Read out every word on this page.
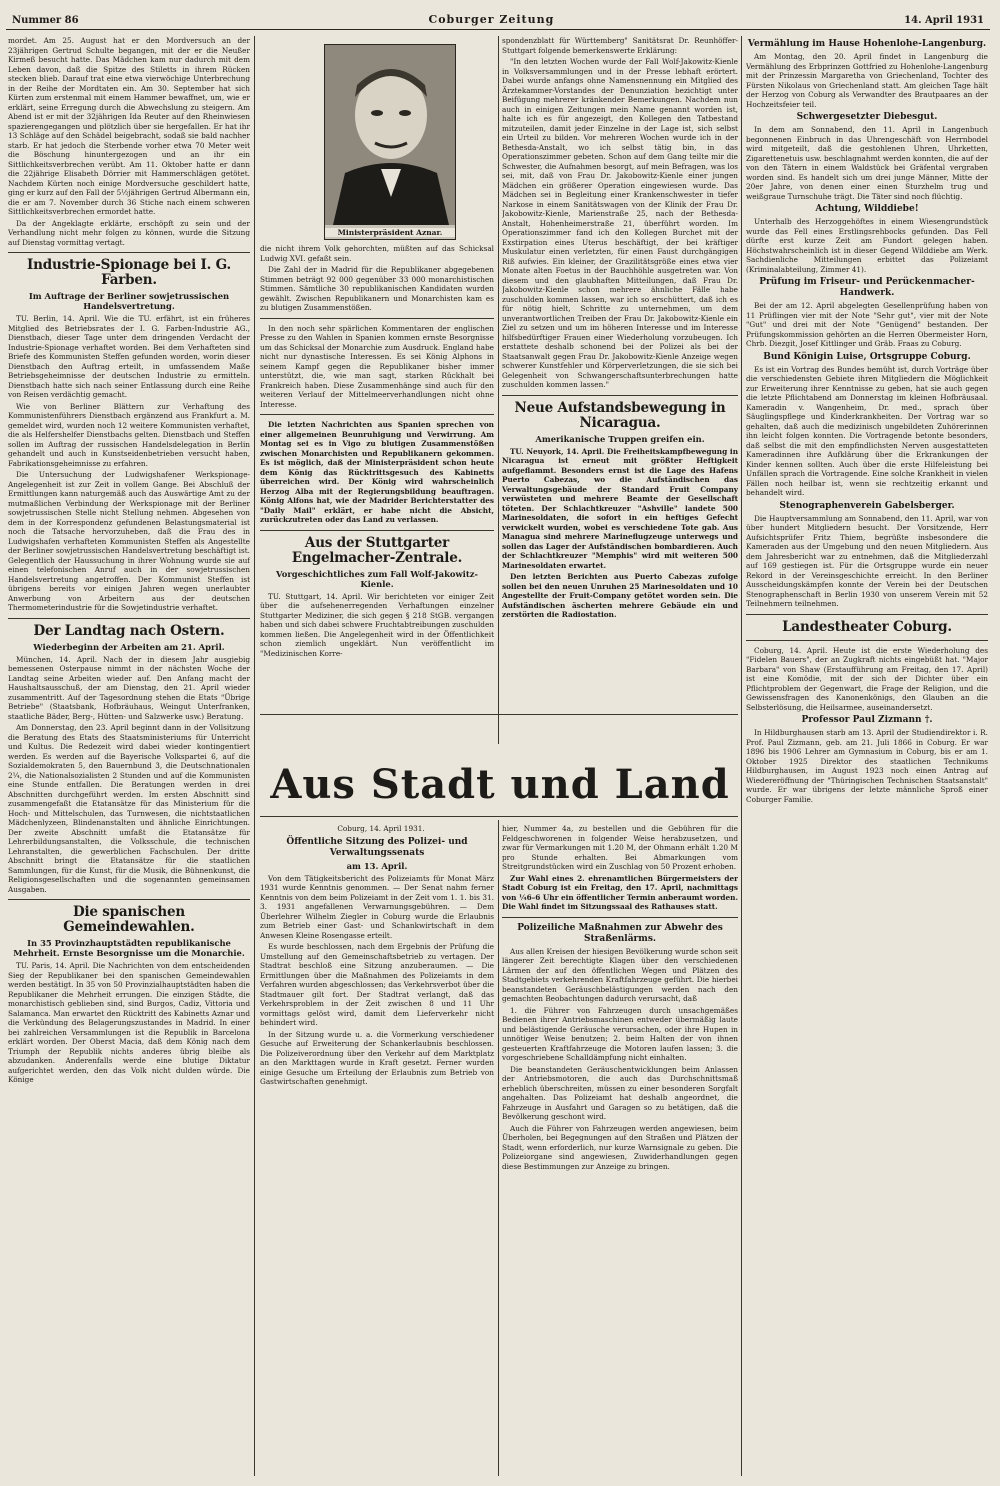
Nummer 86	Coburger Zeitung	14. April 1931

mordet. Am 25. August hat er den Mordversuch an der 23jährigen Gertrud Schulte begangen, mit der er die Neußer Kirmeß besucht hatte. Das Mädchen kam nur dadurch mit dem Leben davon, daß die Spitze des Stiletts in ihrem Rücken stecken blieb. Darauf trat eine etwa vierwöchige Unterbrechung in der Reihe der Mordtaten ein. Am 30. September hat sich Kürten zum erstenmal mit einem Hammer bewaffnet, um, wie er erklärt, seine Erregung durch die Abwechslung zu steigern. Am Abend ist er mit der 32jährigen Ida Reuter auf den Rheinwiesen spazierengegangen und plötzlich über sie hergefallen. Er hat ihr 13 Schläge auf den Schädel beigebracht, sodaß sie bald nachher starb. Er hat jedoch die Sterbende vorher etwa 70 Meter weit die Böschung hinuntergezogen und an ihr ein Sittlichkeitsverbrechen verübt. Am 11. Oktober hatte er dann die 22jährige Elisabeth Dörrier mit Hammerschlägen getötet. Nachdem Kürten noch einige Mordversuche geschildert hatte, ging er kurz auf den Fall der 5½jährigen Gertrud Albermann ein, die er am 7. November durch 36 Stiche nach einem schweren Sittlichkeitsverbrechen ermordet hatte.

Da der Angeklagte erklärte, erschöpft zu sein und der Verhandlung nicht mehr folgen zu können, wurde die Sitzung auf Dienstag vormittag vertagt.

Industrie-Spionage bei I. G. Farben.
Im Auftrage der Berliner sowjetrussischen Handelsvertretung.

TU. Berlin, 14. April. Wie die TU. erfährt, ist ein früheres Mitglied des Betriebsrates der I. G. Farben-Industrie AG., Dienstbach, dieser Tage unter dem dringenden Verdacht der Industrie-Spionage verhaftet worden. Bei dem Verhafteten sind Briefe des Kommunisten Steffen gefunden worden, worin dieser Dienstbach den Auftrag erteilt, in umfassendem Maße Betriebsgeheimnisse der deutschen Industrie zu ermitteln. Dienstbach hatte sich nach seiner Entlassung durch eine Reihe von Reisen verdächtig gemacht.

Wie von Berliner Blättern zur Verhaftung des Kommunistenführers Dienstbach ergänzend aus Frankfurt a. M. gemeldet wird, wurden noch 12 weitere Kommunisten verhaftet, die als Helfershelfer Dienstbachs gelten. Dienstbach und Steffen sollen im Auftrag der russischen Handelsdelegation in Berlin gehandelt und auch in Kunstseidenbetrieben versucht haben, Fabrikationsgeheimnisse zu erfahren.

Die Untersuchung der Ludwigshafener Werkspionage-Angelegenheit ist zur Zeit in vollem Gange. Bei Abschluß der Ermittlungen kann naturgemäß auch das Auswärtige Amt zu der mutmaßlichen Verbindung der Werkspionage mit der Berliner sowjetrussischen Stelle nicht Stellung nehmen. Abgesehen von dem in der Korrespondenz gefundenen Belastungsmaterial ist noch die Tatsache hervorzuheben, daß die Frau des in Ludwigshafen verhafteten Kommunisten Steffen als Angestellte der Berliner sowjetrussischen Handelsvertretung beschäftigt ist. Gelegentlich der Haussuchung in ihrer Wohnung wurde sie auf einen telefonischen Anruf auch in der sowjetrussischen Handelsvertretung angetroffen. Der Kommunist Steffen ist übrigens bereits vor einigen Jahren wegen unerlaubter Anwerbung von Arbeitern aus der deutschen Thermometerindustrie für die Sowjetindustrie verhaftet.

Der Landtag nach Ostern.
Wiederbeginn der Arbeiten am 21. April.

München, 14. April. Nach der in diesem Jahr ausgiebig bemessenen Osterpause nimmt in der nächsten Woche der Landtag seine Arbeiten wieder auf. Den Anfang macht der Haushaltsausschuß, der am Dienstag, den 21. April wieder zusammentritt. Auf der Tagesordnung stehen die Etats "Übrige Betriebe" (Staatsbank, Hofbräuhaus, Weingut Unterfranken, staatliche Bäder, Berg-, Hütten- und Salzwerke usw.) Beratung.

Am Donnerstag, den 23. April beginnt dann in der Vollsitzung die Beratung des Etats des Staatsministeriums für Unterricht und Kultus. Die Redezeit wird dabei wieder kontingentiert werden. Es werden auf die Bayerische Volkspartei 6, auf die Sozialdemokraten 5, den Bauernbund 3, die Deutschnationalen 2¼, die Nationalsozialisten 2 Stunden und auf die Kommunisten eine Stunde entfallen. Die Beratungen werden in drei Abschnitten durchgeführt werden. Im ersten Abschnitt sind zusammengefaßt die Etatansätze für das Ministerium für die Hoch- und Mittelschulen, das Turnwesen, die nichtstaatlichen Mädchenlyzeen, Blindenanstalten und ähnliche Einrichtungen. Der zweite Abschnitt umfaßt die Etatansätze für Lehrerbildungsanstalten, die Volksschule, die technischen Lehranstalten, die gewerblichen Fachschulen. Der dritte Abschnitt bringt die Etatansätze für die staatlichen Sammlungen, für die Kunst, für die Musik, die Bühnenkunst, die Religionsgesellschaften und die sogenannten gemeinsamen Ausgaben.

Die spanischen Gemeindewahlen.
In 35 Provinzhauptstädten republikanische Mehrheit. Ernste Besorgnisse um die Monarchie.

TU. Paris, 14. April. Die Nachrichten von dem entscheidenden Sieg der Republikaner bei den spanischen Gemeindewahlen werden bestätigt. In 35 von 50 Provinzialhauptstädten haben die Republikaner die Mehrheit errungen. Die einzigen Städte, die monarchistisch geblieben sind, sind Burgos, Cadiz, Vittoria und Salamanca. Man erwartet den Rücktritt des Kabinetts Aznar und die Verkündung des Belagerungszustandes in Madrid. In einer bei zahlreichen Versammlungen ist die Republik in Barcelona erklärt worden. Der Oberst Macia, daß dem König nach dem Triumph der Republik nichts anderes übrig bleibe als abzudanken. Anderenfalls werde eine blutige Diktatur aufgerichtet werden, den das Volk nicht dulden würde. Die Könige

Ministerpräsident Aznar.

die nicht ihrem Volk gehorchten, müßten auf das Schicksal Ludwig XVI. gefaßt sein.

Die Zahl der in Madrid für die Republikaner abgegebenen Stimmen beträgt 92 000 gegenüber 33 000 monarchistischen Stimmen. Sämtliche 30 republikanischen Kandidaten wurden gewählt. Zwischen Republikanern und Monarchisten kam es zu blutigen Zusammenstößen.

In den noch sehr spärlichen Kommentaren der englischen Presse zu den Wahlen in Spanien kommen ernste Besorgnisse um das Schicksal der Monarchie zum Ausdruck. England habe nicht nur dynastische Interessen. Es sei König Alphons in seinem Kampf gegen die Republikaner bisher immer unterstützt, die, wie man sagt, starken Rückhalt bei Frankreich haben. Diese Zusammenhänge sind auch für den weiteren Verlauf der Mittelmeerverhandlungen nicht ohne Interesse.

Die letzten Nachrichten aus Spanien sprechen von einer allgemeinen Beunruhigung und Verwirrung. Am Montag sei es in Vigo zu blutigen Zusammenstößen zwischen Monarchisten und Republikanern gekommen. Es ist möglich, daß der Ministerpräsident schon heute dem König das Rücktrittsgesuch des Kabinetts überreichen wird. Der König wird wahrscheinlich Herzog Alba mit der Regierungsbildung beauftragen. König Alfons hat, wie der Madrider Berichterstatter des "Daily Mail" erklärt, er habe nicht die Absicht, zurückzutreten oder das Land zu verlassen.

Aus der Stuttgarter Engelmacher-Zentrale.
Vorgeschichtliches zum Fall Wolf-Jakowitz-Kienle.

TU. Stuttgart, 14. April. Wir berichteten vor einiger Zeit über die aufsehenerregenden Verhaftungen einzelner Stuttgarter Mediziner, die sich gegen § 218 StGB. vergangen haben und sich dabei schwere Fruchtabtreibungen zuschulden kommen ließen. Die Angelegenheit wird in der Öffentlichkeit schon ziemlich ungeklärt. Nun veröffentlicht im "Medizinischen Korre-

spondenzblatt für Württemberg" Sanitätsrat Dr. Reunhöffer-Stuttgart folgende bemerkenswerte Erklärung:

"In den letzten Wochen wurde der Fall Wolf-Jakowitz-Kienle in Volksversammlungen und in der Presse lebhaft erörtert. Dabei wurde anfangs ohne Namensnennung ein Mitglied des Ärztekammer-Vorstandes der Denunziation bezichtigt unter Beifügung mehrerer kränkender Bemerkungen. Nachdem nun auch in einigen Zeitungen mein Name genannt worden ist, halte ich es für angezeigt, den Kollegen den Tatbestand mitzuteilen, damit jeder Einzelne in der Lage ist, sich selbst ein Urteil zu bilden. Vor mehreren Wochen wurde ich in der Bethesda-Anstalt, wo ich selbst tätig bin, in das Operationszimmer gebeten. Schon auf dem Gang teilte mir die Schwester, die Aufnahmen besorgt, auf mein Befragen, was los sei, mit, daß von Frau Dr. Jakobowitz-Kienle einer jungen Mädchen ein größerer Operation eingewiesen wurde. Das Mädchen sei in Begleitung einer Krankenschwester in tiefer Narkose in einem Sanitätswagen von der Klinik der Frau Dr. Jakobowitz-Kienle, Marienstraße 25, nach der Bethesda-Anstalt, Hohenheimerstraße 21, überführt worden. Im Operationszimmer fand ich den Kollegen Burchet mit der Exstirpation eines Uterus beschäftigt, der bei kräftiger Muskulatur einen verletzten, für einen Faust durchgängigen Riß aufwies. Ein kleiner, der Grazilitätsgröße eines etwa vier Monate alten Foetus in der Bauchhöhle ausgetreten war. Von diesem und den glaubhaften Mitteilungen, daß Frau Dr. Jakobowitz-Kienle schon mehrere ähnliche Fälle habe zuschulden kommen lassen, war ich so erschüttert, daß ich es für nötig hielt, Schritte zu unternehmen, um dem unverantwortlichen Treiben der Frau Dr. Jakobowitz-Kienle ein Ziel zu setzen und um im höheren Interesse und im Interesse hilfsbedürftiger Frauen einer Wiederholung vorzubeugen. Ich erstattete deshalb schonend bei der Polizei als bei der Staatsanwalt gegen Frau Dr. Jakobowitz-Kienle Anzeige wegen schwerer Kunstfehler und Körperverletzungen, die sie sich bei Gelegenheit von Schwangerschaftsunterbrechungen hatte zuschulden kommen lassen."

Neue Aufstandsbewegung in Nicaragua.
Amerikanische Truppen greifen ein.

TU. Neuyork, 14. April. Die Freiheitskampfbewegung in Nicaragua ist erneut mit größter Heftigkeit aufgeflammt. Besonders ernst ist die Lage des Hafens Puerto Cabezas, wo die Aufständischen das Verwaltungsgebäude der Standard Fruit Company verwüsteten und mehrere Beamte der Gesellschaft töteten. Der Schlachtkreuzer "Ashville" landete 500 Marinesoldaten, die sofort in ein heftiges Gefecht verwickelt wurden, wobei es verschiedene Tote gab. Aus Managua sind mehrere Marineflugzeuge unterwegs und sollen das Lager der Aufständischen bombardieren. Auch der Schlachtkreuzer "Memphis" wird mit weiteren 500 Marinesoldaten erwartet.

Den letzten Berichten aus Puerto Cabezas zufolge sollen bei den neuen Unruhen 25 Marinesoldaten und 10 Angestellte der Fruit-Company getötet worden sein. Die Aufständischen äscherten mehrere Gebäude ein und zerstörten die Radiostation.

Vermählung im Hause Hohenlohe-Langenburg.

Am Montag, den 20. April findet in Langenburg die Vermählung des Erbprinzen Gottfried zu Hohenlohe-Langenburg mit der Prinzessin Margaretha von Griechenland, Tochter des Fürsten Nikolaus von Griechenland statt. Am gleichen Tage hält der Herzog von Coburg als Verwandter des Brautpaares an der Hochzeitsfeier teil.

Schwergesetzter Diebesgut.

In dem am Sonnabend, den 11. April in Langenbuch begonnenen Einbruch in das Uhrengeschäft von Herrnbodel wird mitgeteilt, daß die gestohlenen Uhren, Uhrketten, Zigarettenetuis usw. beschlagnahmt werden konnten, die auf der von den Tätern in einem Waldstück bei Gräfental vergraben worden sind. Es handelt sich um drei junge Männer, Mitte der 20er Jahre, von denen einer einen Sturzhelm trug und weißgraue Turnschuhe trägt. Die Täter sind noch flüchtig.

Achtung, Wilddiebe!

Unterhalb des Herzoggehöftes in einem Wiesengrundstück wurde das Fell eines Erstlingsrehbocks gefunden. Das Fell dürfte erst kurze Zeit am Fundort gelegen haben. Höchstwahrscheinlich ist in dieser Gegend Wilddiebe am Werk. Sachdienliche Mitteilungen erbittet das Polizeiamt (Kriminalabteilung, Zimmer 41).

Prüfung im Friseur- und Perückenmacher-Handwerk.

Bei der am 12. April abgelegten Gesellenprüfung haben von 11 Prüflingen vier mit der Note "Sehr gut", vier mit der Note "Gut" und drei mit der Note "Genügend" bestanden. Der Prüfungskommission gehörten an die Herren Obermeister Horn, Chrb. Diezgit, Josef Kittlinger und Gräb. Fraas zu Coburg.

Bund Königin Luise, Ortsgruppe Coburg.

Es ist ein Vortrag des Bundes bemüht ist, durch Vorträge über die verschiedensten Gebiete ihren Mitgliedern die Möglichkeit zur Erweiterung ihrer Kenntnisse zu geben, hat sie auch gegen die letzte Pflichtabend am Donnerstag im kleinen Hofbräusaal. Kameradin v. Wangenheim, Dr. med., sprach über Säuglingspflege und Kinderkrankheiten. Der Vortrag war so gehalten, daß auch die medizinisch ungebildeten Zuhörerinnen ihn leicht folgen konnten. Die Vortragende betonte besonders, daß selbst die mit den empfindlichsten Nerven ausgestatteten Kameradinnen ihre Aufklärung über die Erkrankungen der Kinder kennen sollten. Auch über die erste Hilfeleistung bei Unfällen sprach die Vortragende. Eine solche Krankheit in vielen Fällen noch heilbar ist, wenn sie rechtzeitig erkannt und behandelt wird.

Stenographenverein Gabelsberger.

Die Hauptversammlung am Sonnabend, den 11. April, war von über hundert Mitgliedern besucht. Der Vorsitzende, Herr Aufsichtsprüfer Fritz Thiem, begrüßte insbesondere die Kameraden aus der Umgebung und den neuen Mitgliedern. Aus dem Jahresbericht war zu entnehmen, daß die Mitgliederzahl auf 169 gestiegen ist. Für die Ortsgruppe wurde ein neuer Rekord in der Vereinsgeschichte erreicht. In den Berliner Ausscheidungskämpfen konnte der Verein bei der Deutschen Stenographenschaft in Berlin 1930 von unserem Verein mit 52 Teilnehmern teilnehmen.

Landestheater Coburg.

Coburg, 14. April. Heute ist die erste Wiederholung des "Fidelen Bauers", der an Zugkraft nichts eingebüßt hat. "Major Barbara" von Shaw (Erstaufführung am Freitag, den 17. April) ist eine Komödie, mit der sich der Dichter über ein Pflichtproblem der Gegenwart, die Frage der Religion, und die Gewissensfragen des Kanonenkönigs, den Glauben an die Selbsterlösung, die Heilsarmee, auseinandersetzt.

Professor Paul Zizmann †.

In Hildburghausen starb am 13. April der Studiendirektor i. R. Prof. Paul Zizmann, geb. am 21. Juli 1866 in Coburg. Er war 1896 bis 1906 Lehrer am Gymnasium in Coburg, bis er am 1. Oktober 1925 Direktor des staatlichen Technikums Hildburghausen, im August 1923 noch einen Antrag auf Wiedereröffnung der "Thüringischen Technischen Staatsanstalt" wurde. Er war übrigens der letzte männliche Sproß einer Coburger Familie.

Aus Stadt und Land

Coburg, 14. April 1931.

Öffentliche Sitzung des Polizei- und Verwaltungssenats
am 13. April.

Von dem Tätigkeitsbericht des Polizeiamts für Monat März 1931 wurde Kenntnis genommen. — Der Senat nahm ferner Kenntnis von dem beim Polizeiamt in der Zeit vom 1. 1. bis 31. 3. 1931 angefallenen Verwarnungsgebühren. — Dem Überlehrer Wilhelm Ziegler in Coburg wurde die Erlaubnis zum Betrieb einer Gast- und Schankwirtschaft in dem Anwesen Kleine Rosengasse erteilt.

Es wurde beschlossen, nach dem Ergebnis der Prüfung die Umstellung auf den Gemeinschaftsbetrieb zu vertagen. Der Stadtrat beschloß eine Sitzung anzuberaumen. — Die Ermittlungen über die Maßnahmen des Polizeiamts in dem Verfahren wurden abgeschlossen; das Verkehrsverbot über die Stadtmauer gilt fort. Der Stadtrat verlangt, daß das Verkehrsproblem in der Zeit zwischen 8 und 11 Uhr vormittags gelöst wird, damit dem Lieferverkehr nicht behindert wird.

In der Sitzung wurde u. a. die Vormerkung verschiedener Gesuche auf Erweiterung der Schankerlaubnis beschlossen. Die Polizeiverordnung über den Verkehr auf dem Marktplatz an den Markttagen wurde in Kraft gesetzt. Ferner wurden einige Gesuche um Erteilung der Erlaubnis zum Betrieb von Gastwirtschaften genehmigt.

hier, Nummer 4a, zu bestellen und die Gebühren für die Feldgeschworenen in folgender Weise herabzusetzen, und zwar für Vermarkungen mit 1.20 M, der Ohmann erhält 1.20 M pro Stunde erhalten. Bei Abmarkungen vom Streitgrundstücken wird ein Zuschlag von 50 Prozent erhoben.

Zur Wahl eines 2. ehrenamtlichen Bürgermeisters der Stadt Coburg ist ein Freitag, den 17. April, nachmittags von ¼6–6 Uhr ein öffentlicher Termin anberaumt worden. Die Wahl findet im Sitzungssaal des Rathauses statt.

Polizeiliche Maßnahmen zur Abwehr des Straßenlärms.

Aus allen Kreisen der hiesigen Bevölkerung wurde schon seit längerer Zeit berechtigte Klagen über den verschiedenen Lärmen der auf den öffentlichen Wegen und Plätzen des Stadtgebiets verkehrenden Kraftfahrzeuge geführt. Die hierbei beanstandeten Geräuschbelästigungen werden nach den gemachten Beobachtungen dadurch verursacht, daß

1. die Führer von Fahrzeugen durch unsachgemäßes Bedienen ihrer Antriebsmaschinen entweder übermäßig laute und belästigende Geräusche verursachen, oder ihre Hupen in unnötiger Weise benutzen; 2. beim Halten der von ihnen gesteuerten Kraftfahrzeuge die Motoren laufen lassen; 3. die vorgeschriebene Schalldämpfung nicht einhalten.

Die beanstandeten Geräuschentwicklungen beim Anlassen der Antriebsmotoren, die auch das Durchschnittsmaß erheblich überschreiten, müssen zu einer besonderen Sorgfalt angehalten. Das Polizeiamt hat deshalb angeordnet, die Fahrzeuge in Ausfahrt und Garagen so zu betätigen, daß die Bevölkerung geschont wird.

Auch die Führer von Fahrzeugen werden angewiesen, beim Überholen, bei Begegnungen auf den Straßen und Plätzen der Stadt, wenn erforderlich, nur kurze Warnsignale zu geben. Die Polizeiorgane sind angewiesen, Zuwiderhandlungen gegen diese Bestimmungen zur Anzeige zu bringen.
